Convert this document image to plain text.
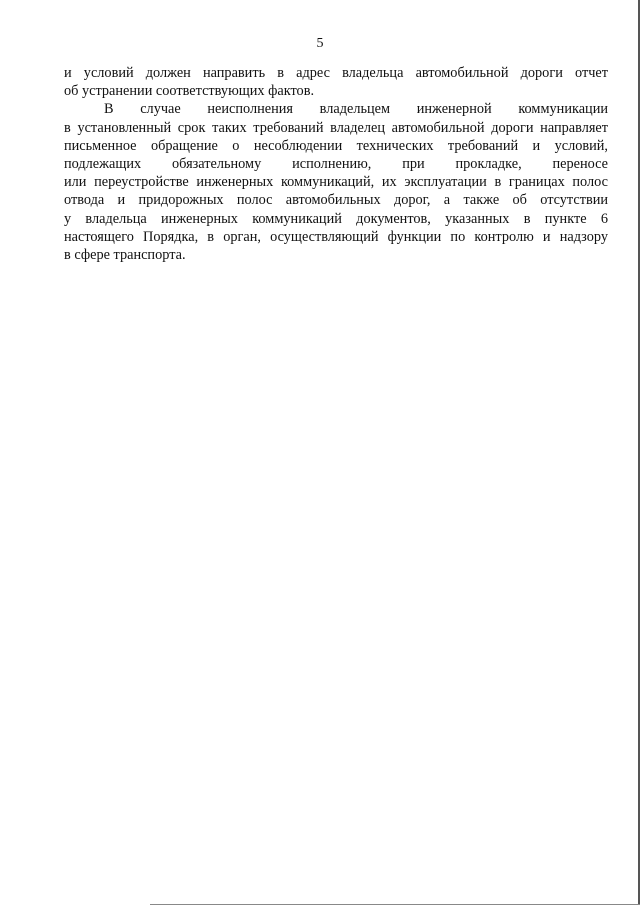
5
и условий должен направить в адрес владельца автомобильной дороги отчет
об устранении соответствующих фактов.
В случае неисполнения владельцем инженерной коммуникации
в установленный срок таких требований владелец автомобильной дороги направляет
письменное обращение о несоблюдении технических требований и условий,
подлежащих обязательному исполнению, при прокладке, переносе
или переустройстве инженерных коммуникаций, их эксплуатации в границах полос
отвода и придорожных полос автомобильных дорог, а также об отсутствии
у владельца инженерных коммуникаций документов, указанных в пункте 6
настоящего Порядка, в орган, осуществляющий функции по контролю и надзору
в сфере транспорта.
